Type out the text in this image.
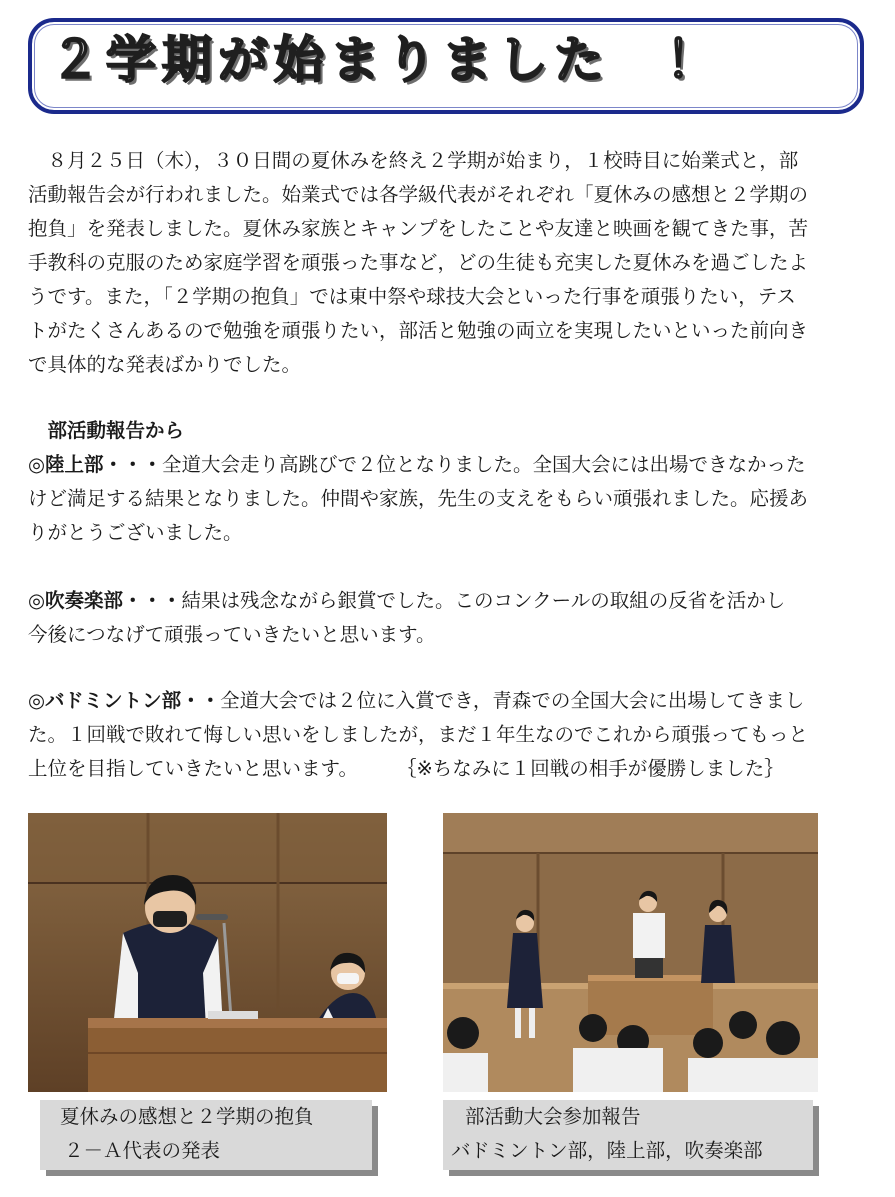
２学期が始まりました　！
　８月２５日（木），３０日間の夏休みを終え２学期が始まり，１校時目に始業式と，部
活動報告会が行われました。始業式では各学級代表がそれぞれ「夏休みの感想と２学期の
抱負」を発表しました。夏休み家族とキャンプをしたことや友達と映画を観てきた事，苦
手教科の克服のため家庭学習を頑張った事など，どの生徒も充実した夏休みを過ごしたよ
うです。また，「２学期の抱負」では東中祭や球技大会といった行事を頑張りたい，テス
トがたくさんあるので勉強を頑張りたい，部活と勉強の両立を実現したいといった前向き
で具体的な発表ばかりでした。
　部活動報告から
◎陸上部・・・全道大会走り高跳びで２位となりました。全国大会には出場できなかった
けど満足する結果となりました。仲間や家族，先生の支えをもらい頑張れました。応援あ
りがとうございました。
◎吹奏楽部・・・結果は残念ながら銀賞でした。このコンクールの取組の反省を活かし
今後につなげて頑張っていきたいと思います。
◎バドミントン部・・全道大会では２位に入賞でき，青森での全国大会に出場してきまし
た。１回戦で敗れて悔しい思いをしましたが，まだ１年生なのでこれから頑張ってもっと
上位を目指していきたいと思います。　　　｛※ちなみに１回戦の相手が優勝しました｝
夏休みの感想と２学期の抱負
２－Ａ代表の発表
部活動大会参加報告
バドミントン部，陸上部，吹奏楽部
